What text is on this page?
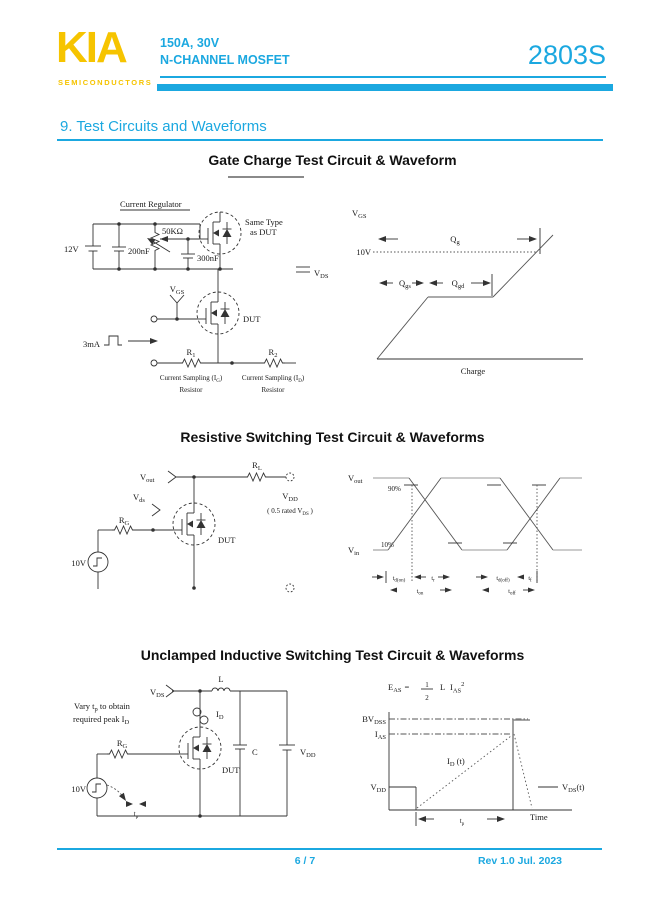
KIA
SEMICONDUCTORS
150A, 30V
N-CHANNEL MOSFET	2803S
9. Test Circuits and Waveforms
Gate Charge Test Circuit & Waveform
Current Regulator
12V	200nF
50KΩ
300nF
Same Type
as DUT
$V_{DS}$
$V_{GS}$
DUT
3mA
$R_1$	$R_2$
Current Sampling $(I_G)$
Resistor
Current Sampling $(I_D)$
Resistor
$V_{GS}$
10V
$Q_g$
$Q_{gs}$	$Q_{gd}$
Charge
Resistive Switching Test Circuit & Waveforms
$V_{out}$
$R_L$
$V_{DD}$
( 0.5 rated $V_{DS}$ )
$V_{ds}$
$R_G$
DUT
10V
$V_{out}$
$V_{in}$
90%
10%
$t_{d(on)}$	$t_r$
$t_{on}$
$t_{d(off)}$	$t_f$
$t_{off}$
Unclamped Inductive Switching Test Circuit & Waveforms
$V_{DS}$
L
$I_D$
Vary $t_p$ to obtain
required peak $I_D$
DUT
$R_G$
10V
$t_p$
C	$V_{DD}$
$E_{AS} = 1$
2
L $I_{AS}^2$
$BV_{DSS}$
$I_{AS}$
$V_{DD}$
$I_D$ (t)
$V_{DS}(t)$
Time
$t_p$
6 / 7	Rev 1.0 Jul. 2023
